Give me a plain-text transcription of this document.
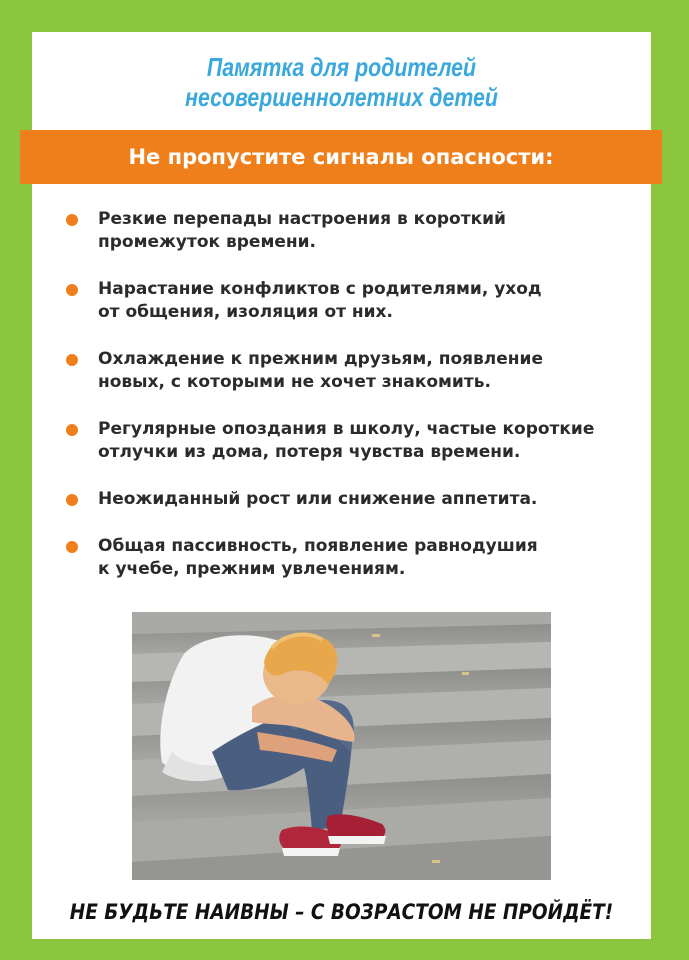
Памятка для родителей
несовершеннолетних детей
Не пропустите сигналы опасности:
Резкие перепады настроения в короткий
промежуток времени.
Нарастание конфликтов с родителями, уход
от общения, изоляция от них.
Охлаждение к прежним друзьям, появление
новых, с которыми не хочет знакомить.
Регулярные опоздания в школу, частые короткие
отлучки из дома, потеря чувства времени.
Неожиданный рост или снижение аппетита.
Общая пассивность, появление равнодушия
к учебе, прежним увлечениям.
НЕ БУДЬТЕ НАИВНЫ – С ВОЗРАСТОМ НЕ ПРОЙДЁТ!
